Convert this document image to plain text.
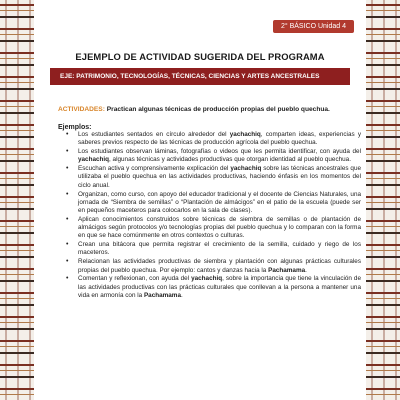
2° BÁSICO Unidad 4
EJEMPLO DE ACTIVIDAD SUGERIDA DEL PROGRAMA
EJE: PATRIMONIO, TECNOLOGÍAS, TÉCNICAS, CIENCIAS Y ARTES ANCESTRALES
ACTIVIDADES: Practican algunas técnicas de producción propias del pueblo quechua.
Ejemplos:
• Los estudiantes sentados en círculo alrededor del yachachiq, comparten ideas, experiencias y saberes previos respecto de las técnicas de producción agrícola del pueblo quechua.
• Los estudiantes observan láminas, fotografías o videos que les permita identificar, con ayuda del yachachiq, algunas técnicas y actividades productivas que otorgan identidad al pueblo quechua.
• Escuchan activa y comprensivamente explicación del yachachiq sobre las técnicas ancestrales que utilizaba el pueblo quechua en las actividades productivas, haciendo énfasis en los momentos del ciclo anual.
• Organizan, como curso, con apoyo del educador tradicional y el docente de Ciencias Naturales, una jornada de “Siembra de semillas” o “Plantación de almácigos” en el patio de la escuela (puede ser en pequeños maceteros para colocarlos en la sala de clases).
• Aplican conocimientos construidos sobre técnicas de siembra de semillas o de plantación de almácigos según protocolos y/o tecnologías propias del pueblo quechua y lo comparan con la forma en que se hace comúnmente en otros contextos o culturas.
• Crean una bitácora que permita registrar el crecimiento de la semilla, cuidado y riego de los maceteros.
• Relacionan las actividades productivas de siembra y plantación con algunas prácticas culturales propias del pueblo quechua. Por ejemplo: cantos y danzas hacia la Pachamama.
• Comentan y reflexionan, con ayuda del yachachiq, sobre la importancia que tiene la vinculación de las actividades productivas con las prácticas culturales que conllevan a la persona a mantener una vida en armonía con la Pachamama.
